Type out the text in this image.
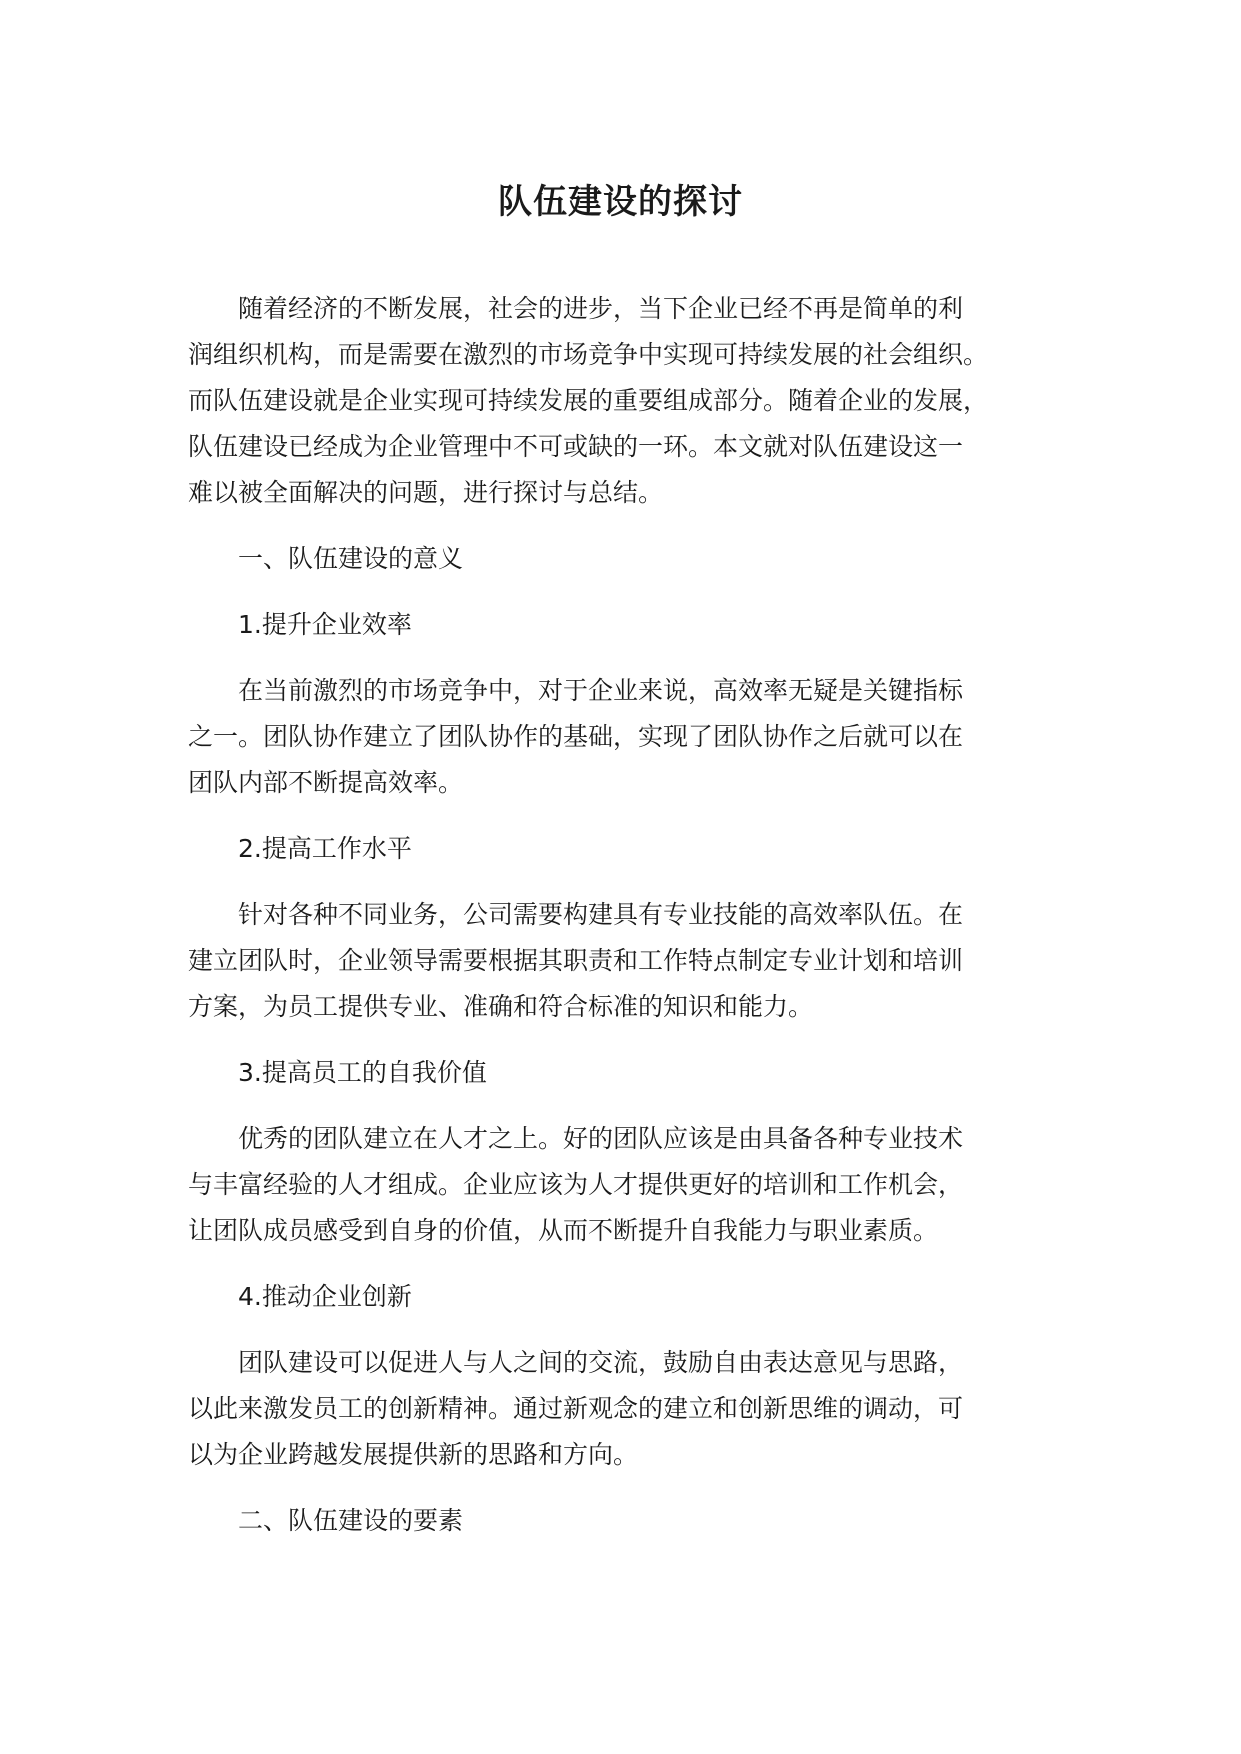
队伍建设的探讨

随着经济的不断发展，社会的进步，当下企业已经不再是简单的利
润组织机构，而是需要在激烈的市场竞争中实现可持续发展的社会组织。
而队伍建设就是企业实现可持续发展的重要组成部分。随着企业的发展，
队伍建设已经成为企业管理中不可或缺的一环。本文就对队伍建设这一
难以被全面解决的问题，进行探讨与总结。

一、队伍建设的意义

1.提升企业效率

在当前激烈的市场竞争中，对于企业来说，高效率无疑是关键指标
之一。团队协作建立了团队协作的基础，实现了团队协作之后就可以在
团队内部不断提高效率。

2.提高工作水平

针对各种不同业务，公司需要构建具有专业技能的高效率队伍。在
建立团队时，企业领导需要根据其职责和工作特点制定专业计划和培训
方案，为员工提供专业、准确和符合标准的知识和能力。

3.提高员工的自我价值

优秀的团队建立在人才之上。好的团队应该是由具备各种专业技术
与丰富经验的人才组成。企业应该为人才提供更好的培训和工作机会，
让团队成员感受到自身的价值，从而不断提升自我能力与职业素质。

4.推动企业创新

团队建设可以促进人与人之间的交流，鼓励自由表达意见与思路，
以此来激发员工的创新精神。通过新观念的建立和创新思维的调动，可
以为企业跨越发展提供新的思路和方向。

二、队伍建设的要素
